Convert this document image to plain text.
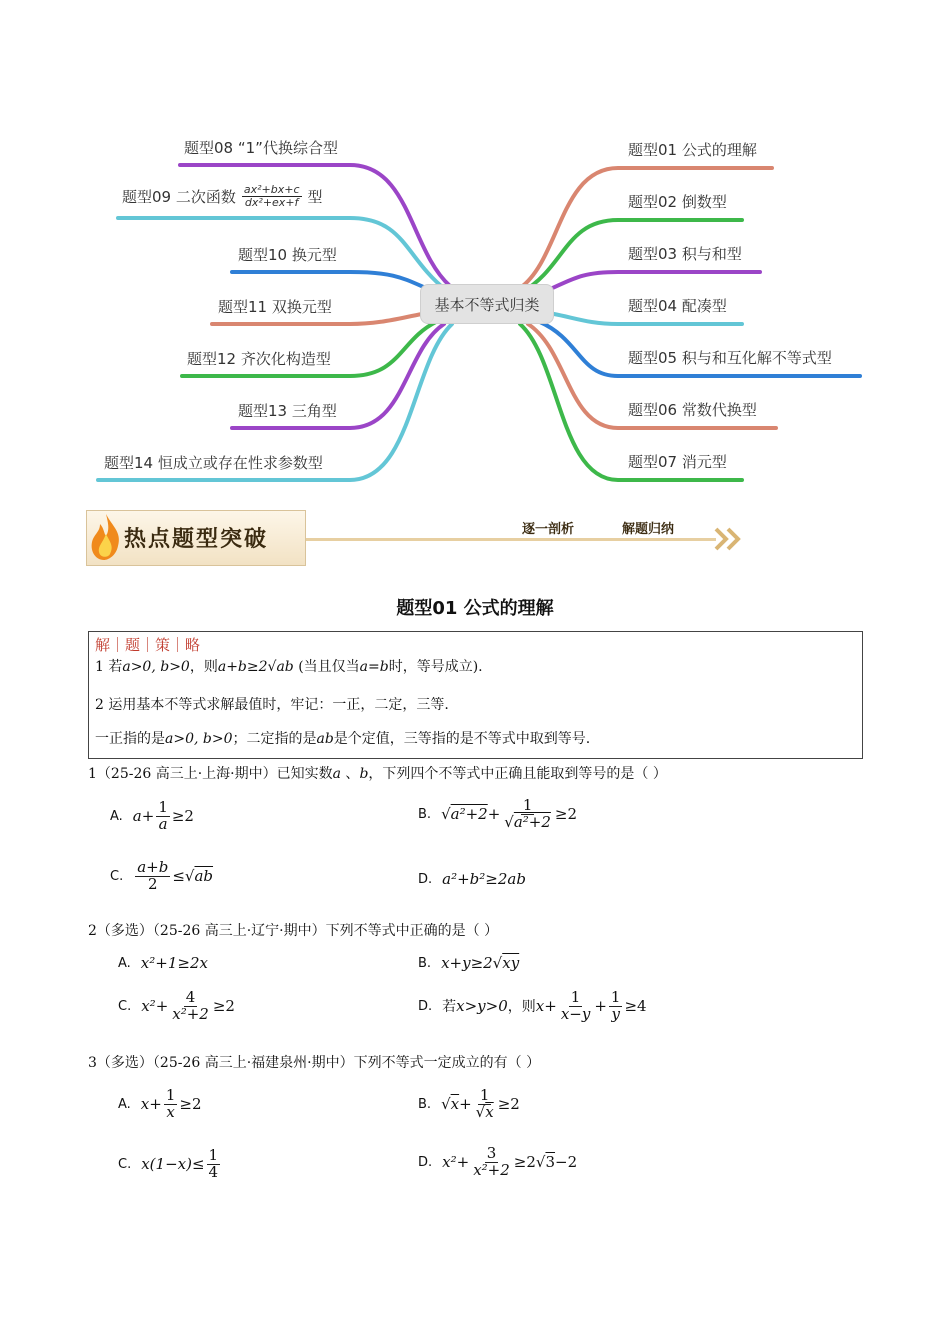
基本不等式归类
题型01 公式的理解
题型02 倒数型
题型03 积与和型
题型04 配凑型
题型05 积与和互化解不等式型
题型06 常数代换型
题型07 消元型
题型08 “1”代换综合型
题型09 二次函数 $\frac{\text{ax²+bx+c}}{\text{dx²+ex+f}}$ 型
题型10 换元型
题型11 双换元型
题型12 齐次化构造型
题型13 三角型
题型14 恒成立或存在性求参数型
热点题型突破	逐一剖析	解题归纳
题型01 公式的理解
解｜题｜策｜略
1 若a>0, b>0，则a+b≥2√ab (当且仅当a=b时，等号成立).
2 运用基本不等式求解最值时，牢记：一正，二定，三等.
一正指的是a>0, b>0；二定指的是ab是个定值，三等指的是不等式中取到等号.
1（25-26 高三上·上海·期中）已知实数a 、b，下列四个不等式中正确且能取到等号的是（ ）
A. $a+ \frac{1}{a} \ge 2$	B. $√a^2+2+ \frac{1}{\text{√a²+2}} \ge 2$
C. $\frac{a+b}{2} \le√ab$	D. a²+b²≥2ab
2（多选）（25-26 高三上·辽宁·期中）下列不等式中正确的是（ ）
A. x²+1≥2x	B. x+y≥2√xy
C. $x^2+ \frac{4}{\text{x²+2}} \ge 2$	D. 若 x>y>0 ，则 $x+ \frac{1}{x-y} + \frac{1}{y} \ge 4$
3（多选）（25-26 高三上·福建泉州·期中）下列不等式一定成立的有（ ）
A. $x+ \frac{1}{x} \ge 2$	B. $√x+ \frac{1}{√x} \ge 2$
C. $x(1-x)\le \frac{1}{4}$	D. $x^2+ \frac{3}{\text{x²+2}} \ge 2√3-2$
